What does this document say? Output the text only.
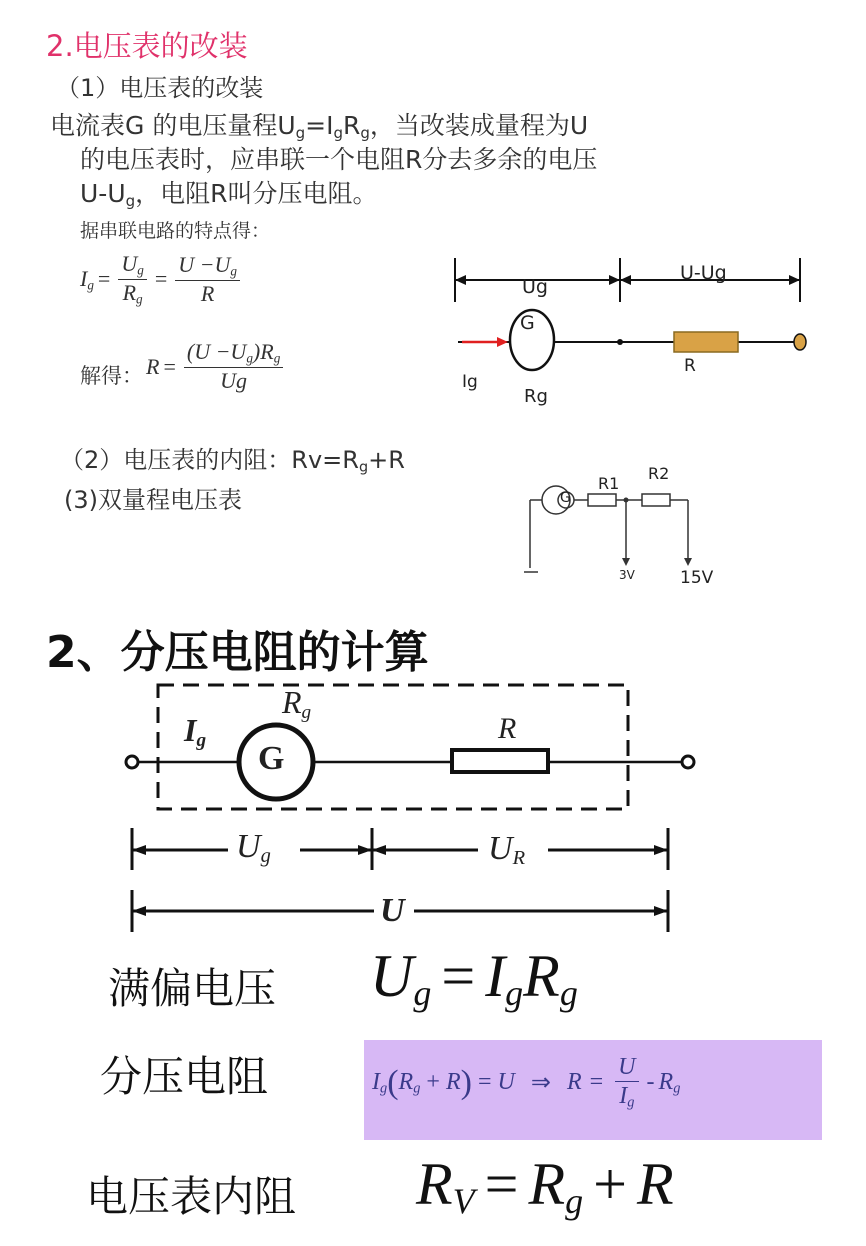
2.电压表的改装
（1）电压表的改装
电流表G 的电压量程$U_g=I_gR_g$，当改装成量程为U
的电压表时，应串联一个电阻R分去多余的电压
$U-U_g$，电阻R叫分压电阻。
据串联电路的特点得：
$I_g = \frac{U_g}{R_g} = \frac{U -U_g}{R}$
解得： $R = \frac{(U -U_g)R_g}{Ug}$
（2）电压表的内阻：$Rv=R_g+R$
(3)双量程电压表
Ug
U-Ug
G
Ig
Rg
R
G
R1
R2
3V	15V
2、分压电阻的计算
$I_g$
$R_g$
G
R
$U_g$	$U_R$
U
满偏电压 $U_g = I_gR_g$
分压电阻	$I_g$ ( $R_g + R$ ) = U ⇒ $R = \frac{U}{I_g} - R_g$
电压表内阻 $R_V = R_g + R$
